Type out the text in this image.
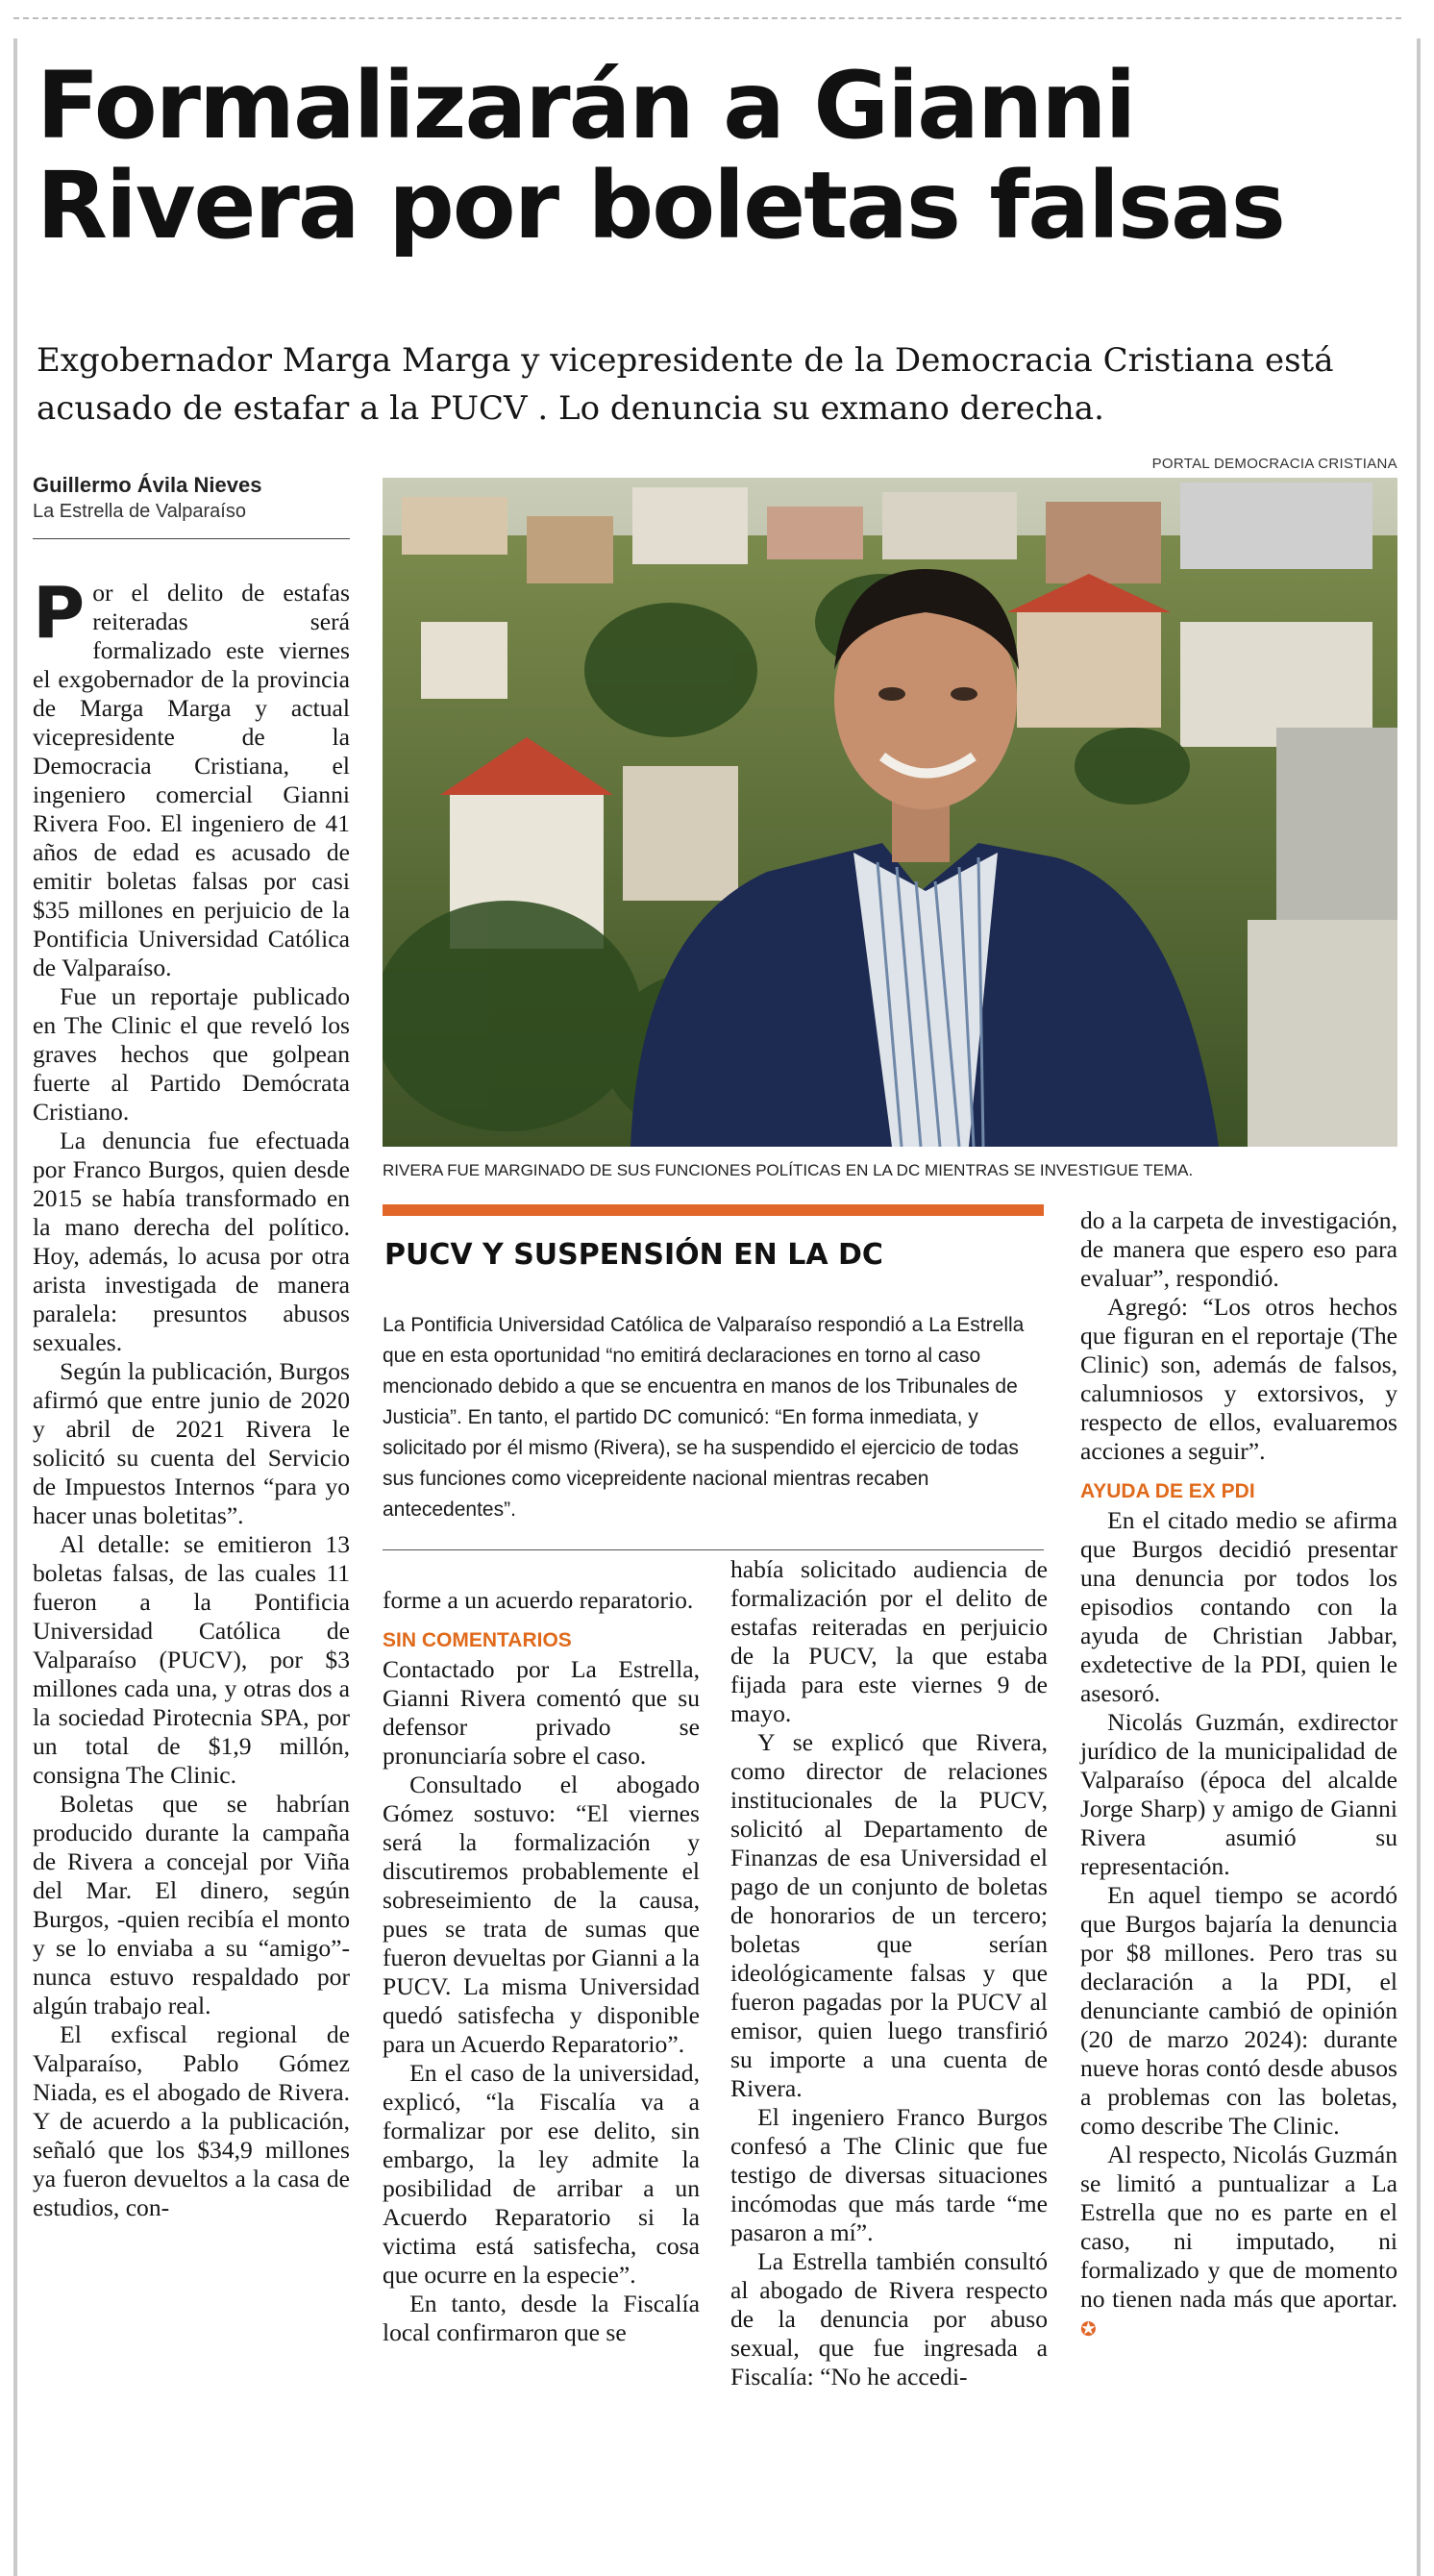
Formalizarán a Gianni Rivera por boletas falsas

Exgobernador Marga Marga y vicepresidente de la Democracia Cristiana está acusado de estafar a la PUCV . Lo denuncia su exmano derecha.

Guillermo Ávila Nieves
La Estrella de Valparaíso
PORTAL DEMOCRACIA CRISTIANA
RIVERA FUE MARGINADO DE SUS FUNCIONES POLÍTICAS EN LA DC MIENTRAS SE INVESTIGUE TEMA.

Por el delito de estafas reiteradas será formalizado este viernes el exgobernador de la provincia de Marga Marga y actual vicepresidente de la Democracia Cristiana, el ingeniero comercial Gianni Rivera Foo. El ingeniero de 41 años de edad es acusado de emitir boletas falsas por casi $35 millones en perjuicio de la Pontificia Universidad Católica de Valparaíso.

Fue un reportaje publicado en The Clinic el que reveló los graves hechos que golpean fuerte al Partido Demócrata Cristiano.

La denuncia fue efectuada por Franco Burgos, quien desde 2015 se había transformado en la mano derecha del político. Hoy, además, lo acusa por otra arista investigada de manera paralela: presuntos abusos sexuales.

Según la publicación, Burgos afirmó que entre junio de 2020 y abril de 2021 Rivera le solicitó su cuenta del Servicio de Impuestos Internos “para yo hacer unas boletitas”.

Al detalle: se emitieron 13 boletas falsas, de las cuales 11 fueron a la Pontificia Universidad Católica de Valparaíso (PUCV), por $3 millones cada una, y otras dos a la sociedad Pirotecnia SPA, por un total de $1,9 millón, consigna The Clinic.

Boletas que se habrían producido durante la campaña de Rivera a concejal por Viña del Mar. El dinero, según Burgos, -quien recibía el monto y se lo enviaba a su “amigo”- nunca estuvo respaldado por algún trabajo real.

El exfiscal regional de Valparaíso, Pablo Gómez Niada, es el abogado de Rivera. Y de acuerdo a la publicación, señaló que los $34,9 millones ya fueron devueltos a la casa de estudios, con-

PUCV Y SUSPENSIÓN EN LA DC

La Pontificia Universidad Católica de Valparaíso respondió a La Estrella que en esta oportunidad “no emitirá declaraciones en torno al caso mencionado debido a que se encuentra en manos de los Tribunales de Justicia”. En tanto, el partido DC comunicó: “En forma inmediata, y solicitado por él mismo (Rivera), se ha suspendido el ejercicio de todas sus funciones como vicepreidente nacional mientras recaben antecedentes”.

forme a un acuerdo reparatorio.

SIN COMENTARIOS

Contactado por La Estrella, Gianni Rivera comentó que su defensor privado se pronunciaría sobre el caso.

Consultado el abogado Gómez sostuvo: “El viernes será la formalización y discutiremos probablemente el sobreseimiento de la causa, pues se trata de sumas que fueron devueltas por Gianni a la PUCV. La misma Universidad quedó satisfecha y disponible para un Acuerdo Reparatorio”.

En el caso de la universidad, explicó, “la Fiscalía va a formalizar por ese delito, sin embargo, la ley admite la posibilidad de arribar a un Acuerdo Reparatorio si la victima está satisfecha, cosa que ocurre en la especie”.

En tanto, desde la Fiscalía local confirmaron que se

había solicitado audiencia de formalización por el delito de estafas reiteradas en perjuicio de la PUCV, la que estaba fijada para este viernes 9 de mayo.

Y se explicó que Rivera, como director de relaciones institucionales de la PUCV, solicitó al Departamento de Finanzas de esa Universidad el pago de un conjunto de boletas de honorarios de un tercero; boletas que serían ideológicamente falsas y que fueron pagadas por la PUCV al emisor, quien luego transfirió su importe a una cuenta de Rivera.

El ingeniero Franco Burgos confesó a The Clinic que fue testigo de diversas situaciones incómodas que más tarde “me pasaron a mí”.

La Estrella también consultó al abogado de Rivera respecto de la denuncia por abuso sexual, que fue ingresada a Fiscalía: “No he accedi-

do a la carpeta de investigación, de manera que espero eso para evaluar”, respondió.

Agregó: “Los otros hechos que figuran en el reportaje (The Clinic) son, además de falsos, calumniosos y extorsivos, y respecto de ellos, evaluaremos acciones a seguir”.

AYUDA DE EX PDI

En el citado medio se afirma que Burgos decidió presentar una denuncia por todos los episodios contando con la ayuda de Christian Jabbar, exdetective de la PDI, quien le asesoró.

Nicolás Guzmán, exdirector jurídico de la municipalidad de Valparaíso (época del alcalde Jorge Sharp) y amigo de Gianni Rivera asumió su representación.

En aquel tiempo se acordó que Burgos bajaría la denuncia por $8 millones. Pero tras su declaración a la PDI, el denunciante cambió de opinión (20 de marzo 2024): durante nueve horas contó desde abusos a problemas con las boletas, como describe The Clinic.

Al respecto, Nicolás Guzmán se limitó a puntualizar a La Estrella que no es parte en el caso, ni imputado, ni formalizado y que de momento no tienen nada más que aportar. ✪
